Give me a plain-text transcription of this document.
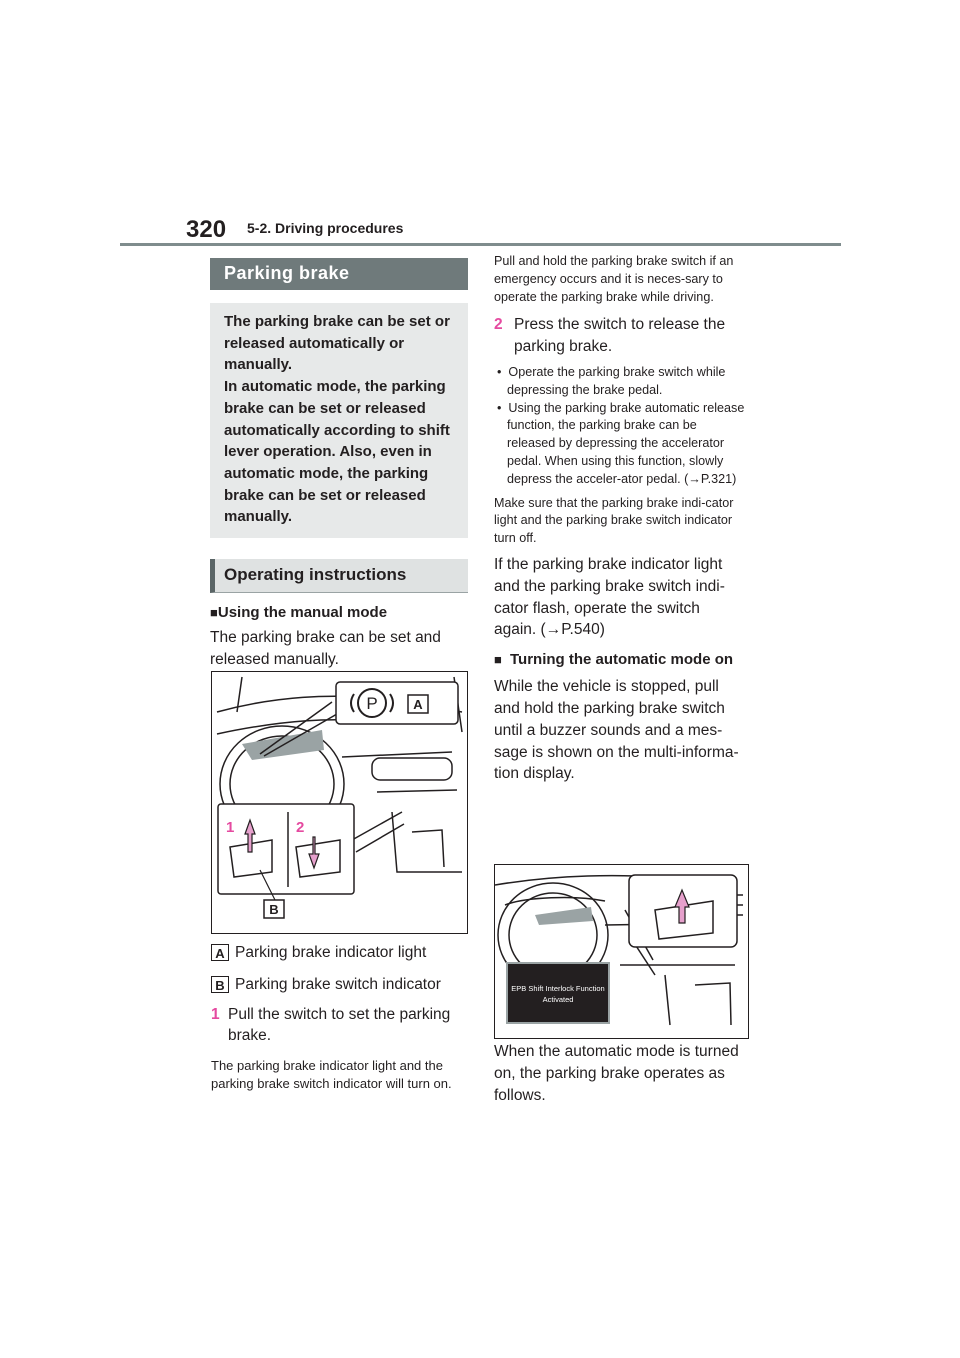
320 5-2. Driving procedures
Parking brake
The parking brake can be set or released automatically or manually.
In automatic mode, the parking brake can be set or released automatically according to shift lever operation. Also, even in automatic mode, the parking brake can be set or released manually.
Operating instructions
■Using the manual mode
The parking brake can be set and released manually.
P	A
1	2
B
A Parking brake indicator light
B Parking brake switch indicator
1 Pull the switch to set the parking brake.
The parking brake indicator light and the parking brake switch indicator will turn on.
Pull and hold the parking brake switch if an emergency occurs and it is neces-sary to operate the parking brake while driving.
2 Press the switch to release the parking brake.
•  Operate the parking brake switch while depressing the brake pedal.
•  Using the parking brake automatic release function, the parking brake can be released by depressing the accelerator pedal. When using this function, slowly depress the acceler-ator pedal. (→P.321)
Make sure that the parking brake indi-cator light and the parking brake switch indicator turn off.
If the parking brake indicator light and the parking brake switch indi-cator flash, operate the switch again. (→P.540)
■ Turning the automatic mode on
While the vehicle is stopped, pull and hold the parking brake switch until a buzzer sounds and a mes-sage is shown on the multi-informa-tion display.
EPB Shift Interlock Function
Activated
When the automatic mode is turned on, the parking brake operates as follows.
